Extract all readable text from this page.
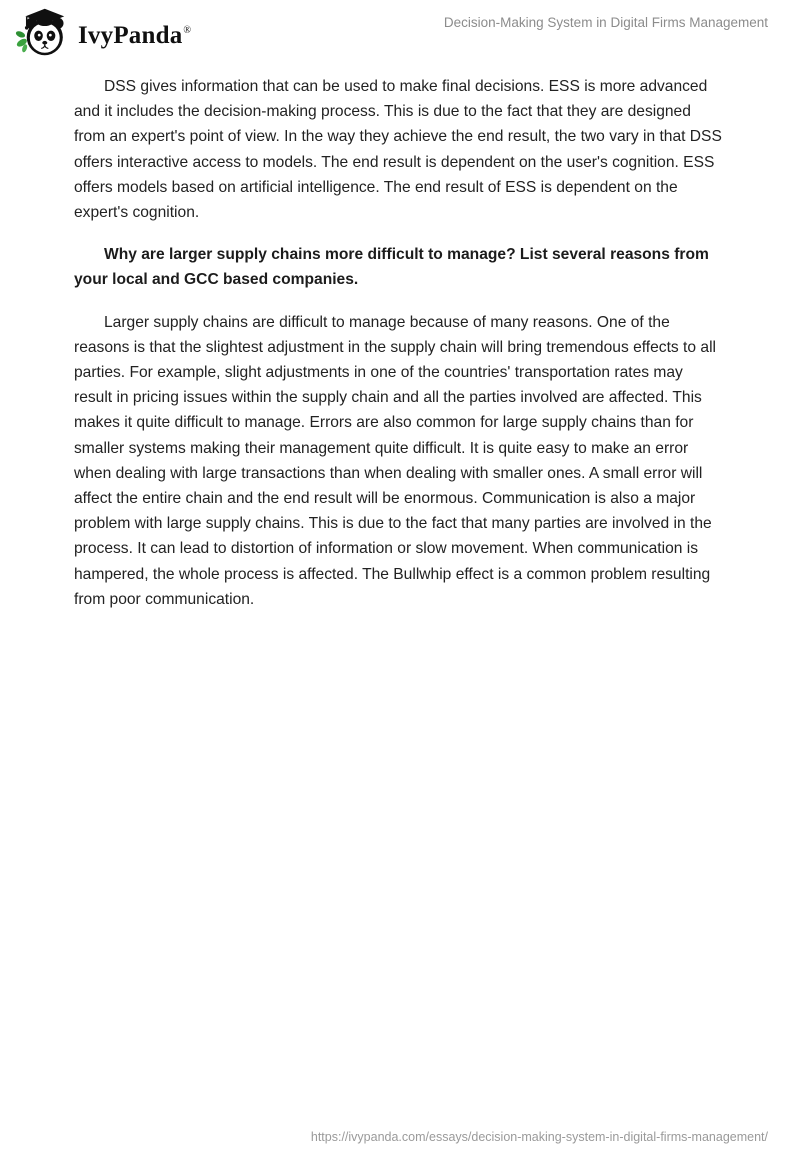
IvyPanda®
Decision-Making System in Digital Firms Management

DSS gives information that can be used to make final decisions. ESS is more advanced and it includes the decision-making process. This is due to the fact that they are designed from an expert's point of view. In the way they achieve the end result, the two vary in that DSS offers interactive access to models. The end result is dependent on the user's cognition. ESS offers models based on artificial intelligence. The end result of ESS is dependent on the expert's cognition.

Why are larger supply chains more difficult to manage? List several reasons from your local and GCC based companies.

Larger supply chains are difficult to manage because of many reasons. One of the reasons is that the slightest adjustment in the supply chain will bring tremendous effects to all parties. For example, slight adjustments in one of the countries' transportation rates may result in pricing issues within the supply chain and all the parties involved are affected. This makes it quite difficult to manage. Errors are also common for large supply chains than for smaller systems making their management quite difficult. It is quite easy to make an error when dealing with large transactions than when dealing with smaller ones. A small error will affect the entire chain and the end result will be enormous. Communication is also a major problem with large supply chains. This is due to the fact that many parties are involved in the process. It can lead to distortion of information or slow movement. When communication is hampered, the whole process is affected. The Bullwhip effect is a common problem resulting from poor communication.

https://ivypanda.com/essays/decision-making-system-in-digital-firms-management/
